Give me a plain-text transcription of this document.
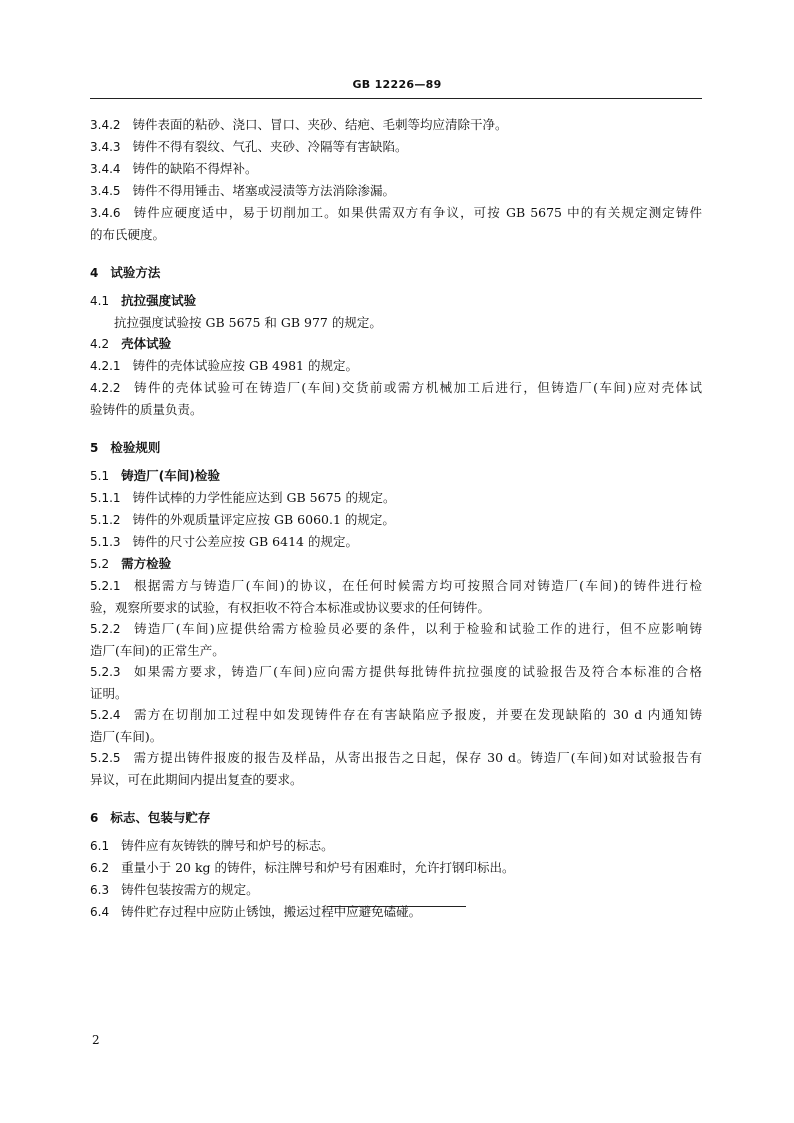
GB 12226—89
3.4.2 铸件表面的粘砂、浇口、冒口、夹砂、结疤、毛刺等均应清除干净。
3.4.3 铸件不得有裂纹、气孔、夹砂、冷隔等有害缺陷。
3.4.4 铸件的缺陷不得焊补。
3.4.5 铸件不得用锤击、堵塞或浸渍等方法消除渗漏。
3.4.6 铸件应硬度适中，易于切削加工。如果供需双方有争议，可按 GB 5675 中的有关规定测定铸件
的布氏硬度。
4 试验方法
4.1 抗拉强度试验
抗拉强度试验按 GB 5675 和 GB 977 的规定。
4.2 壳体试验
4.2.1 铸件的壳体试验应按 GB 4981 的规定。
4.2.2 铸件的壳体试验可在铸造厂(车间)交货前或需方机械加工后进行，但铸造厂(车间)应对壳体试
验铸件的质量负责。
5 检验规则
5.1 铸造厂(车间)检验
5.1.1 铸件试棒的力学性能应达到 GB 5675 的规定。
5.1.2 铸件的外观质量评定应按 GB 6060.1 的规定。
5.1.3 铸件的尺寸公差应按 GB 6414 的规定。
5.2 需方检验
5.2.1 根据需方与铸造厂(车间)的协议，在任何时候需方均可按照合同对铸造厂(车间)的铸件进行检
验，观察所要求的试验，有权拒收不符合本标准或协议要求的任何铸件。
5.2.2 铸造厂(车间)应提供给需方检验员必要的条件，以利于检验和试验工作的进行，但不应影响铸
造厂(车间)的正常生产。
5.2.3 如果需方要求，铸造厂(车间)应向需方提供每批铸件抗拉强度的试验报告及符合本标准的合格
证明。
5.2.4 需方在切削加工过程中如发现铸件存在有害缺陷应予报废，并要在发现缺陷的 30 d 内通知铸
造厂(车间)。
5.2.5 需方提出铸件报废的报告及样品，从寄出报告之日起，保存 30 d。铸造厂(车间)如对试验报告有
异议，可在此期间内提出复查的要求。
6 标志、包装与贮存
6.1 铸件应有灰铸铁的牌号和炉号的标志。
6.2 重量小于 20 kg 的铸件，标注牌号和炉号有困难时，允许打钢印标出。
6.3 铸件包装按需方的规定。
6.4 铸件贮存过程中应防止锈蚀，搬运过程中应避免磕碰。
2
